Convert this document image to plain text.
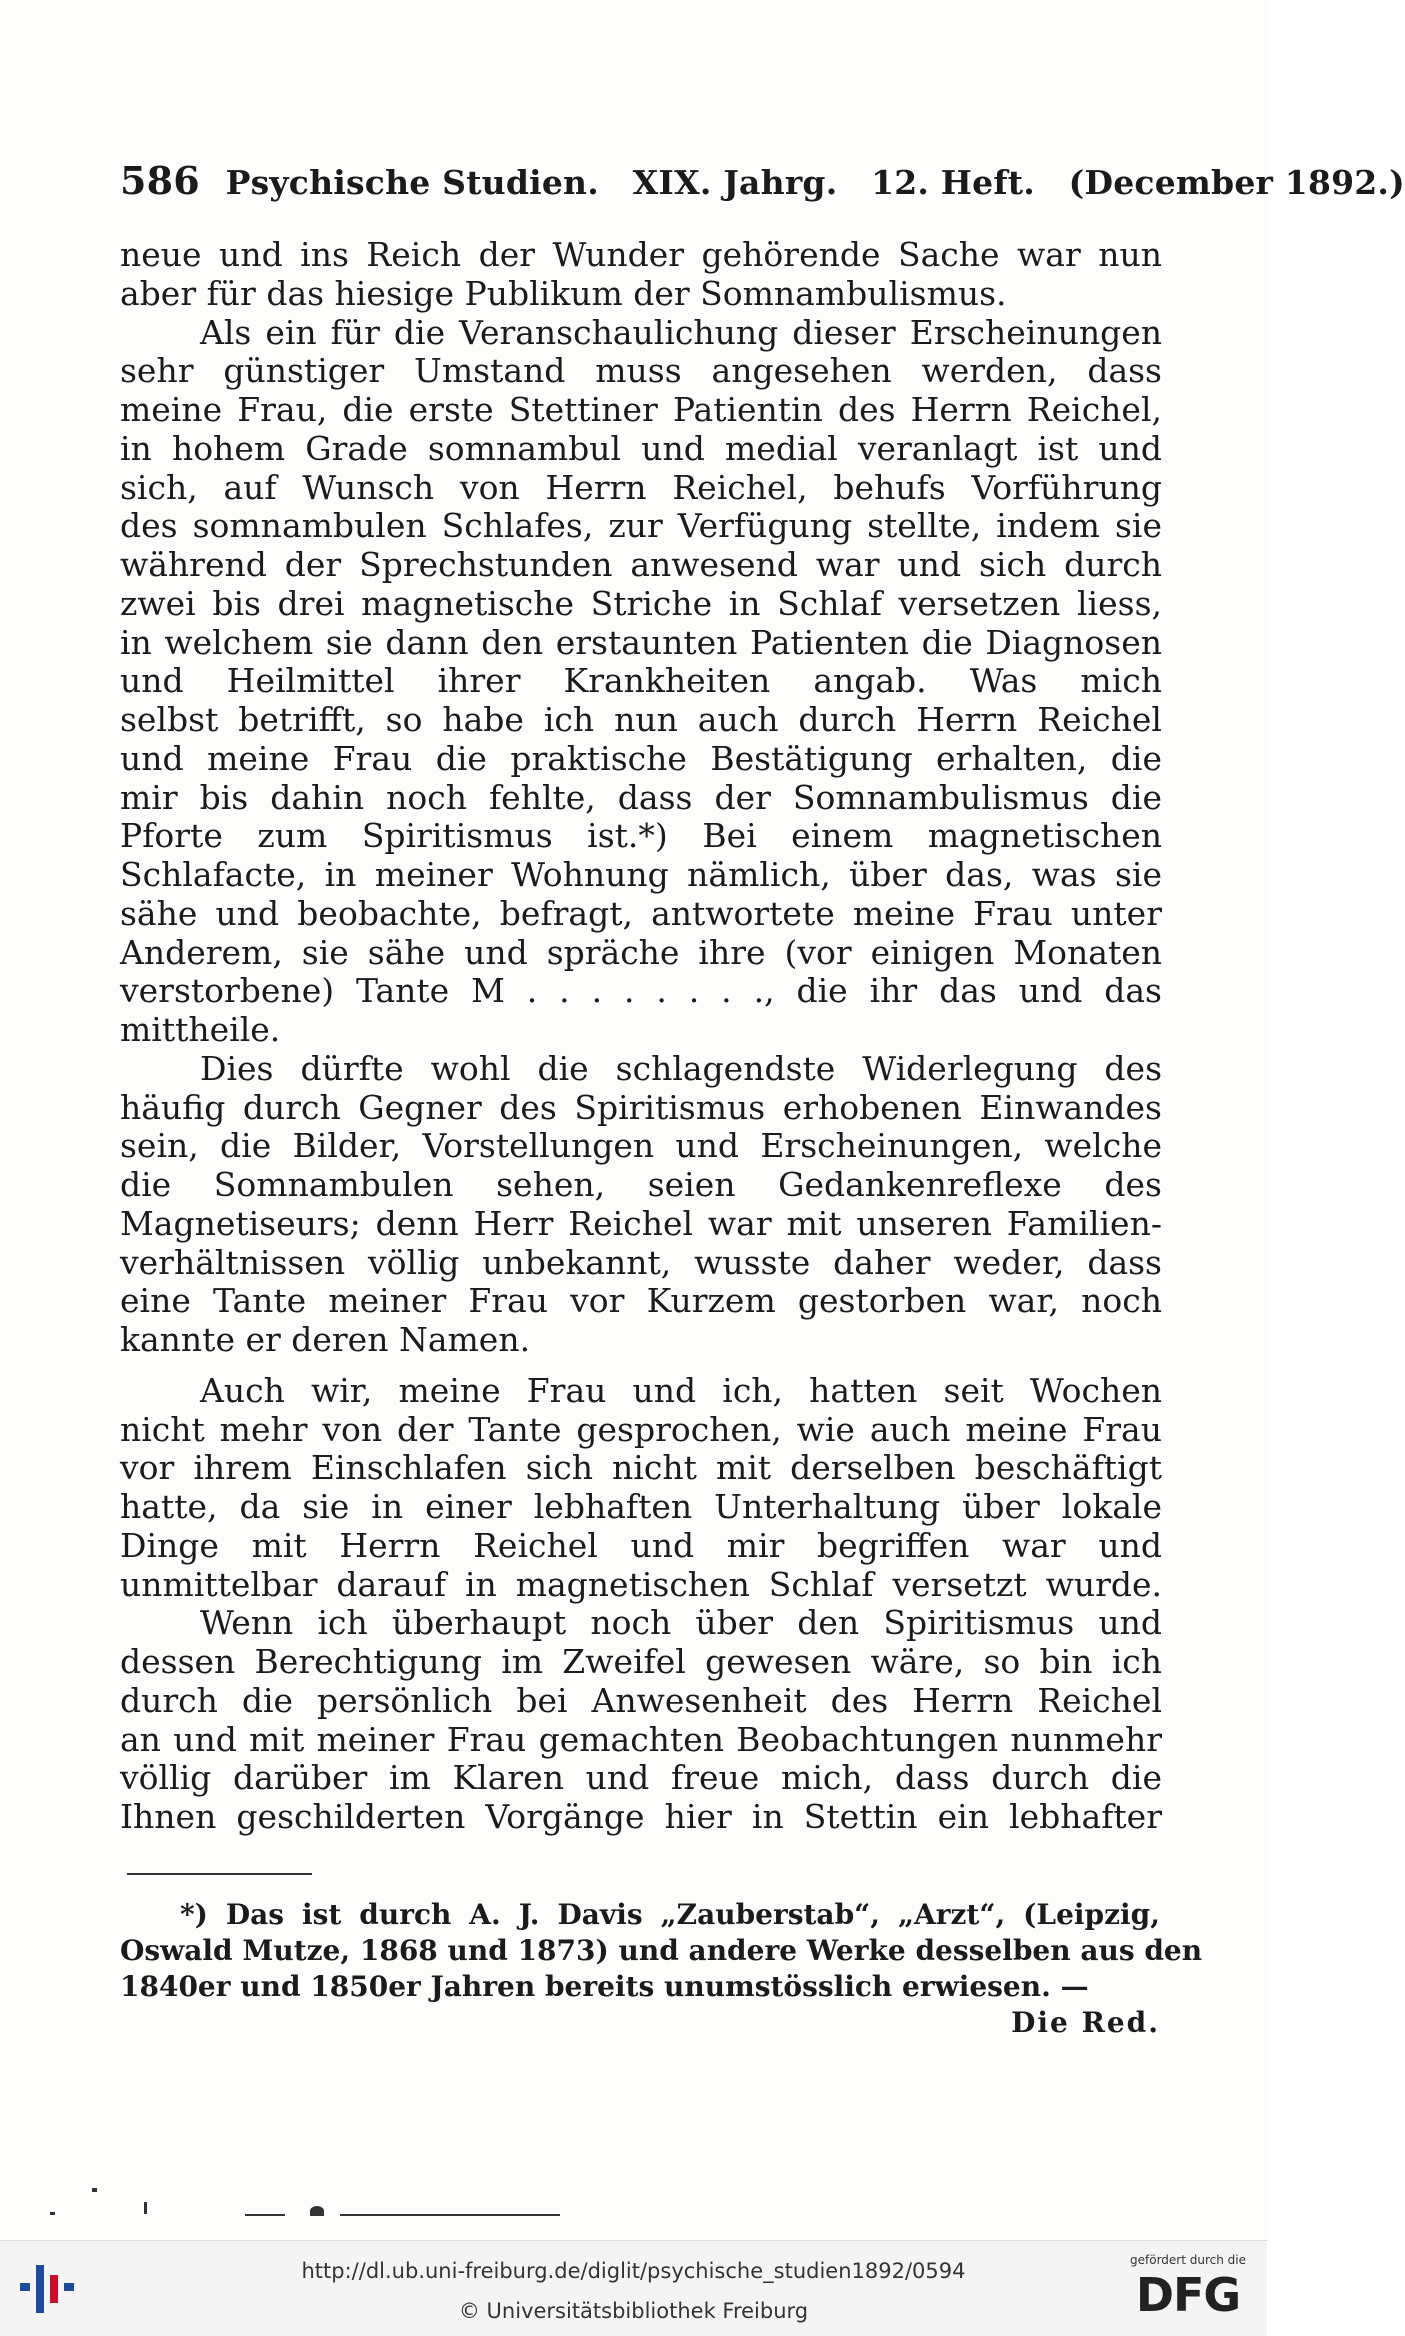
586 Psychische Studien. XIX. Jahrg. 12. Heft. (December 1892.)
neue und ins Reich der Wunder gehörende Sache war nun
aber für das hiesige Publikum der Somnambulismus.
Als ein für die Veranschaulichung dieser Erscheinungen
sehr günstiger Umstand muss angesehen werden, dass
meine Frau, die erste Stettiner Patientin des Herrn Reichel,
in hohem Grade somnambul und medial veranlagt ist und
sich, auf Wunsch von Herrn Reichel, behufs Vorführung
des somnambulen Schlafes, zur Verfügung stellte, indem sie
während der Sprechstunden anwesend war und sich durch
zwei bis drei magnetische Striche in Schlaf versetzen liess,
in welchem sie dann den erstaunten Patienten die Diagnosen
und Heilmittel ihrer Krankheiten angab. Was mich
selbst betrifft, so habe ich nun auch durch Herrn Reichel
und meine Frau die praktische Bestätigung erhalten, die
mir bis dahin noch fehlte, dass der Somnambulismus die
Pforte zum Spiritismus ist.*) Bei einem magnetischen
Schlafacte, in meiner Wohnung nämlich, über das, was sie
sähe und beobachte, befragt, antwortete meine Frau unter
Anderem, sie sähe und spräche ihre (vor einigen Monaten
verstorbene) Tante M . . . . . . . ., die ihr das und das
mittheile.
Dies dürfte wohl die schlagendste Widerlegung des
häufig durch Gegner des Spiritismus erhobenen Einwandes
sein, die Bilder, Vorstellungen und Erscheinungen, welche
die Somnambulen sehen, seien Gedankenreflexe des
Magnetiseurs; denn Herr Reichel war mit unseren Familien-
verhältnissen völlig unbekannt, wusste daher weder, dass
eine Tante meiner Frau vor Kurzem gestorben war, noch
kannte er deren Namen.
Auch wir, meine Frau und ich, hatten seit Wochen
nicht mehr von der Tante gesprochen, wie auch meine Frau
vor ihrem Einschlafen sich nicht mit derselben beschäftigt
hatte, da sie in einer lebhaften Unterhaltung über lokale
Dinge mit Herrn Reichel und mir begriffen war und
unmittelbar darauf in magnetischen Schlaf versetzt wurde.
Wenn ich überhaupt noch über den Spiritismus und
dessen Berechtigung im Zweifel gewesen wäre, so bin ich
durch die persönlich bei Anwesenheit des Herrn Reichel
an und mit meiner Frau gemachten Beobachtungen nunmehr
völlig darüber im Klaren und freue mich, dass durch die
Ihnen geschilderten Vorgänge hier in Stettin ein lebhafter
*) Das ist durch A. J. Davis „Zauberstab“, „Arzt“, (Leipzig,
Oswald Mutze, 1868 und 1873) und andere Werke desselben aus den
1840er und 1850er Jahren bereits unumstösslich erwiesen. —
Die Red.
http://dl.ub.uni-freiburg.de/diglit/psychische_studien1892/0594
© Universitätsbibliothek Freiburg
gefördert durch die
DFG
